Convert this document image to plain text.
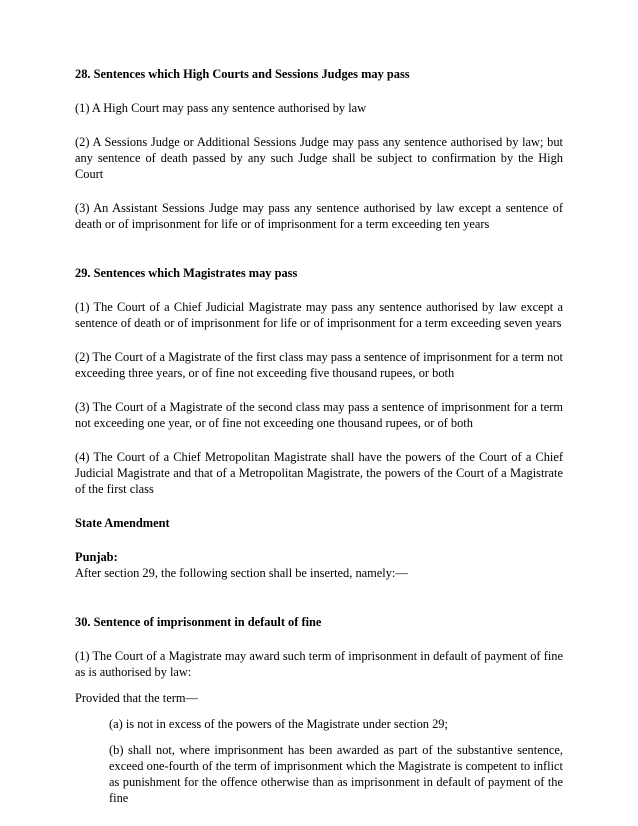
28. Sentences which High Courts and Sessions Judges may pass

(1) A High Court may pass any sentence authorised by law

(2) A Sessions Judge or Additional Sessions Judge may pass any sentence authorised by law; but any sentence of death passed by any such Judge shall be subject to confirmation by the High Court

(3) An Assistant Sessions Judge may pass any sentence authorised by law except a sentence of death or of imprisonment for life or of imprisonment for a term exceeding ten years

29. Sentences which Magistrates may pass

(1) The Court of a Chief Judicial Magistrate may pass any sentence authorised by law except a sentence of death or of imprisonment for life or of imprisonment for a term exceeding seven years

(2) The Court of a Magistrate of the first class may pass a sentence of imprisonment for a term not exceeding three years, or of fine not exceeding five thousand rupees, or both

(3) The Court of a Magistrate of the second class may pass a sentence of imprisonment for a term not exceeding one year, or of fine not exceeding one thousand rupees, or of both

(4) The Court of a Chief Metropolitan Magistrate shall have the powers of the Court of a Chief Judicial Magistrate and that of a Metropolitan Magistrate, the powers of the Court of a Magistrate of the first class

State Amendment

Punjab:

After section 29, the following section shall be inserted, namely:—

30. Sentence of imprisonment in default of fine

(1) The Court of a Magistrate may award such term of imprisonment in default of payment of fine as is authorised by law:

Provided that the term—

(a) is not in excess of the powers of the Magistrate under section 29;

(b) shall not, where imprisonment has been awarded as part of the substantive sentence, exceed one-fourth of the term of imprisonment which the Magistrate is competent to inflict as punishment for the offence otherwise than as imprisonment in default of payment of the fine
